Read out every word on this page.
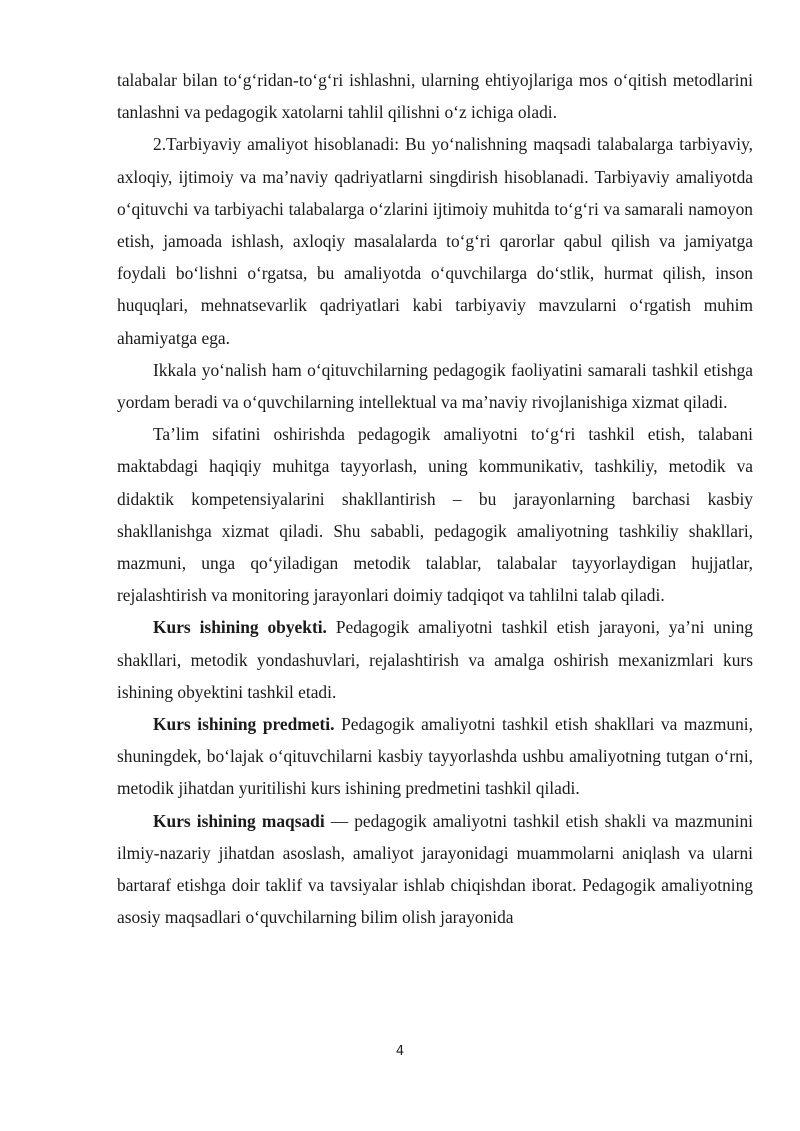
talabalar bilan to‘g‘ridan-to‘g‘ri ishlashni, ularning ehtiyojlariga mos o‘qitish metodlarini tanlashni va pedagogik xatolarni tahlil qilishni o‘z ichiga oladi.

2.Tarbiyaviy amaliyot hisoblanadi: Bu yo‘nalishning maqsadi talabalarga tarbiyaviy, axloqiy, ijtimoiy va ma’naviy qadriyatlarni singdirish hisoblanadi. Tarbiyaviy amaliyotda o‘qituvchi va tarbiyachi talabalarga o‘zlarini ijtimoiy muhitda to‘g‘ri va samarali namoyon etish, jamoada ishlash, axloqiy masalalarda to‘g‘ri qarorlar qabul qilish va jamiyatga foydali bo‘lishni o‘rgatsa, bu amaliyotda o‘quvchilarga do‘stlik, hurmat qilish, inson huquqlari, mehnatsevarlik qadriyatlari kabi tarbiyaviy mavzularni o‘rgatish muhim ahamiyatga ega.

Ikkala yo‘nalish ham o‘qituvchilarning pedagogik faoliyatini samarali tashkil etishga yordam beradi va o‘quvchilarning intellektual va ma’naviy rivojlanishiga xizmat qiladi.

Ta’lim sifatini oshirishda pedagogik amaliyotni to‘g‘ri tashkil etish, talabani maktabdagi haqiqiy muhitga tayyorlash, uning kommunikativ, tashkiliy, metodik va didaktik kompetensiyalarini shakllantirish – bu jarayonlarning barchasi kasbiy shakllanishga xizmat qiladi. Shu sababli, pedagogik amaliyotning tashkiliy shakllari, mazmuni, unga qo‘yiladigan metodik talablar, talabalar tayyorlaydigan hujjatlar, rejalashtirish va monitoring jarayonlari doimiy tadqiqot va tahlilni talab qiladi.

Kurs ishining obyekti. Pedagogik amaliyotni tashkil etish jarayoni, ya’ni uning shakllari, metodik yondashuvlari, rejalashtirish va amalga oshirish mexanizmlari kurs ishining obyektini tashkil etadi.

Kurs ishining predmeti. Pedagogik amaliyotni tashkil etish shakllari va mazmuni, shuningdek, bo‘lajak o‘qituvchilarni kasbiy tayyorlashda ushbu amaliyotning tutgan o‘rni, metodik jihatdan yuritilishi kurs ishining predmetini tashkil qiladi.

Kurs ishining maqsadi — pedagogik amaliyotni tashkil etish shakli va mazmunini ilmiy-nazariy jihatdan asoslash, amaliyot jarayonidagi muammolarni aniqlash va ularni bartaraf etishga doir taklif va tavsiyalar ishlab chiqishdan iborat. Pedagogik amaliyotning asosiy maqsadlari o‘quvchilarning bilim olish jarayonida

4
